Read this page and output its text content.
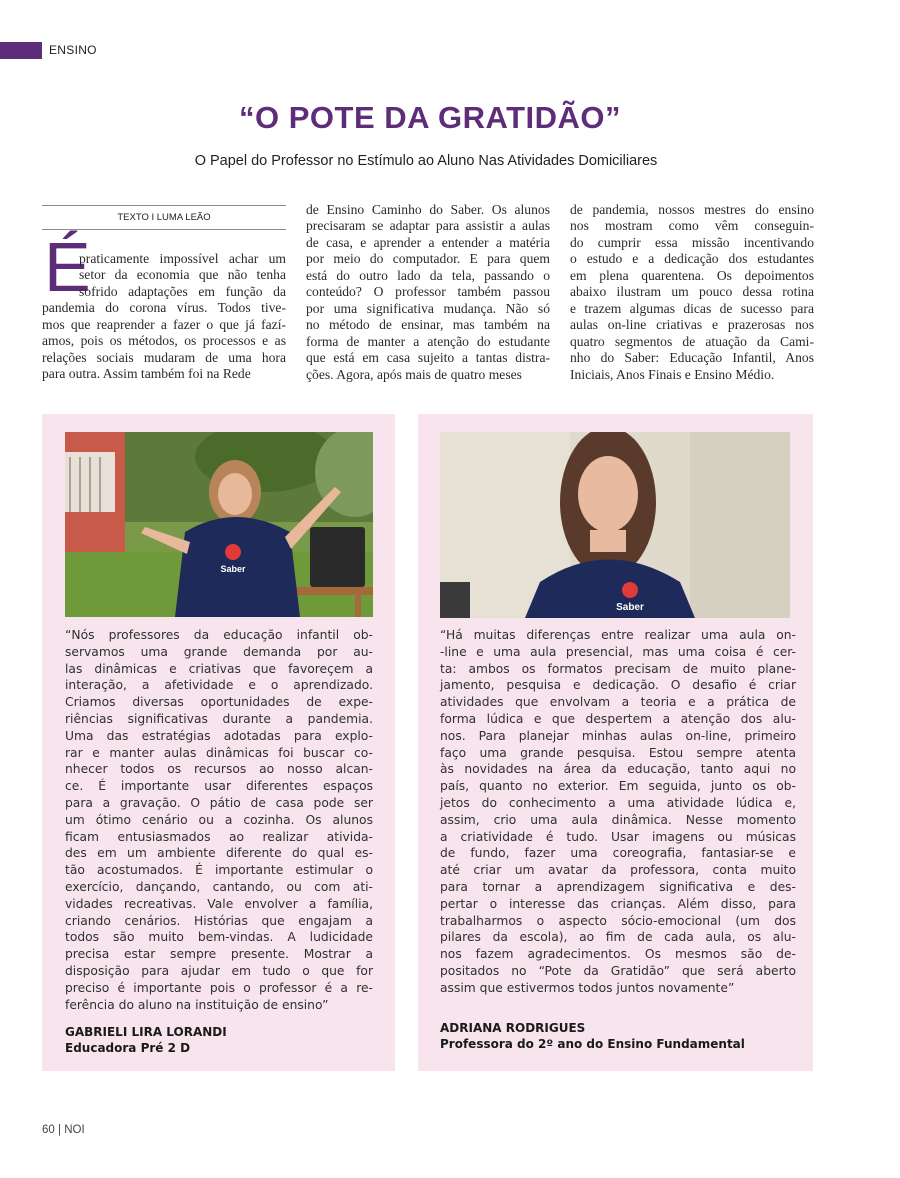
ENSINO
“O POTE DA GRATIDÃO”
O Papel do Professor no Estímulo ao Aluno Nas Atividades Domiciliares
TEXTO I LUMA LEÃO
É
praticamente impossível achar um
setor da economia que não tenha
sofrido adaptações em função da
pandemia do corona vírus. Todos tive-
mos que reaprender a fazer o que já fazí-
amos, pois os métodos, os processos e as
relações sociais mudaram de uma hora
para outra. Assim também foi na Rede
de Ensino Caminho do Saber. Os alunos
precisaram se adaptar para assistir a aulas
de casa, e aprender a entender a matéria
por meio do computador. E para quem
está do outro lado da tela, passando o
conteúdo? O professor também passou
por uma significativa mudança. Não só
no método de ensinar, mas também na
forma de manter a atenção do estudante
que está em casa sujeito a tantas distra-
ções. Agora, após mais de quatro meses
de pandemia, nossos mestres do ensino
nos mostram como vêm conseguin-
do cumprir essa missão incentivando
o estudo e a dedicação dos estudantes
em plena quarentena. Os depoimentos
abaixo ilustram um pouco dessa rotina
e trazem algumas dicas de sucesso para
aulas on-line criativas e prazerosas nos
quatro segmentos de atuação da Cami-
nho do Saber: Educação Infantil, Anos
Iniciais, Anos Finais e Ensino Médio.
Saber
“Nós professores da educação infantil ob-
servamos uma grande demanda por au-
las dinâmicas e criativas que favoreçem a
interação, a afetividade e o aprendizado.
Criamos diversas oportunidades de expe-
riências significativas durante a pandemia.
Uma das estratégias adotadas para explo-
rar e manter aulas dinâmicas foi buscar co-
nhecer todos os recursos ao nosso alcan-
ce. É importante usar diferentes espaços
para a gravação. O pátio de casa pode ser
um ótimo cenário ou a cozinha. Os alunos
ficam entusiasmados ao realizar ativida-
des em um ambiente diferente do qual es-
tão acostumados. É importante estimular o
exercício, dançando, cantando, ou com ati-
vidades recreativas. Vale envolver a família,
criando cenários. Histórias que engajam a
todos são muito bem-vindas. A ludicidade
precisa estar sempre presente. Mostrar a
disposição para ajudar em tudo o que for
preciso é importante pois o professor é a re-
ferência do aluno na instituição de ensino”
GABRIELI LIRA LORANDI
Educadora Pré 2 D
Saber
“Há muitas diferenças entre realizar uma aula on-
-line e uma aula presencial, mas uma coisa é cer-
ta: ambos os formatos precisam de muito plane-
jamento, pesquisa e dedicação. O desafio é criar
atividades que envolvam a teoria e a prática de
forma lúdica e que despertem a atenção dos alu-
nos. Para planejar minhas aulas on-line, primeiro
faço uma grande pesquisa. Estou sempre atenta
às novidades na área da educação, tanto aqui no
país, quanto no exterior. Em seguida, junto os ob-
jetos do conhecimento a uma atividade lúdica e,
assim, crio uma aula dinâmica. Nesse momento
a criatividade é tudo. Usar imagens ou músicas
de fundo, fazer uma coreografia, fantasiar-se e
até criar um avatar da professora, conta muito
para tornar a aprendizagem significativa e des-
pertar o interesse das crianças. Além disso, para
trabalharmos o aspecto sócio-emocional (um dos
pilares da escola), ao fim de cada aula, os alu-
nos fazem agradecimentos. Os mesmos são de-
positados no “Pote da Gratidão” que será aberto
assim que estivermos todos juntos novamente”
ADRIANA RODRIGUES
Professora do 2º ano do Ensino Fundamental
60 | NOI
